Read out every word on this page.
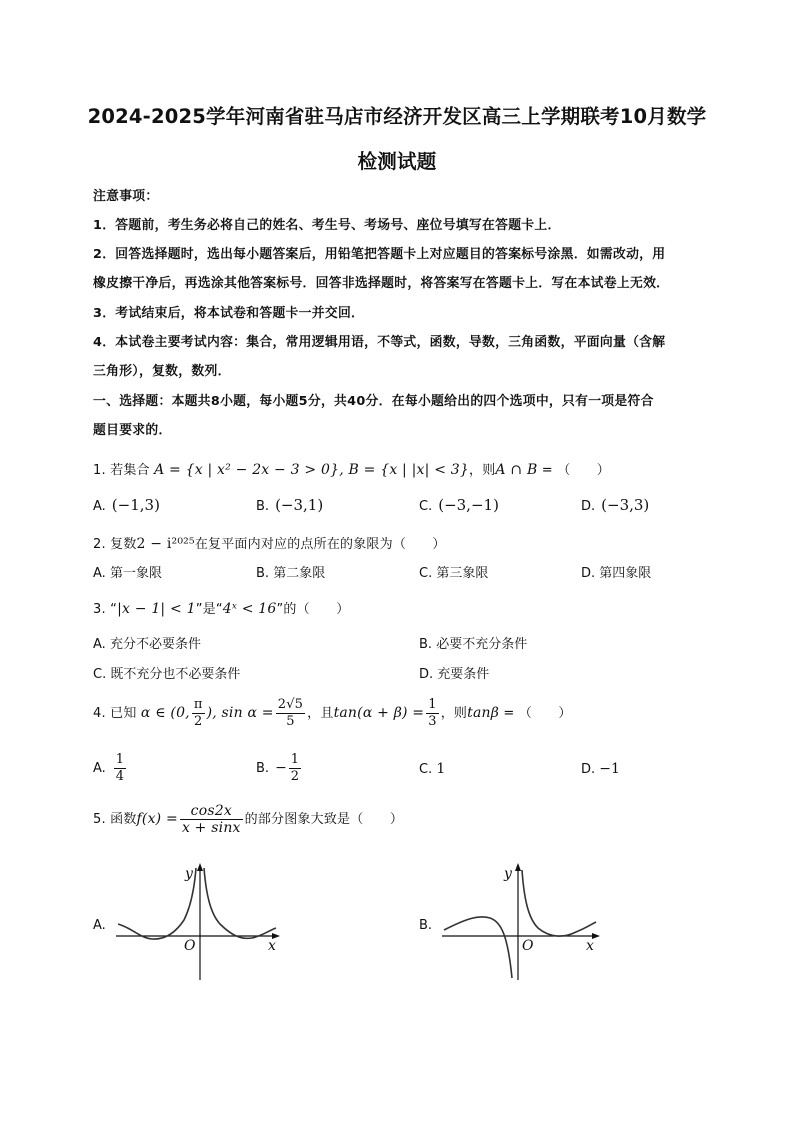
2024-2025学年河南省驻马店市经济开发区高三上学期联考10月数学
检测试题
注意事项：
1．答题前，考生务必将自己的姓名、考生号、考场号、座位号填写在答题卡上．
2．回答选择题时，选出每小题答案后，用铅笔把答题卡上对应题目的答案标号涂黑．如需改动，用
橡皮擦干净后，再选涂其他答案标号．回答非选择题时，将答案写在答题卡上．写在本试卷上无效．
3．考试结束后，将本试卷和答题卡一并交回．
4．本试卷主要考试内容：集合，常用逻辑用语，不等式，函数，导数，三角函数，平面向量（含解
三角形），复数，数列．
一、选择题：本题共8小题，每小题5分，共40分．在每小题给出的四个选项中，只有一项是符合
题目要求的．
1. 若集合 A = {x | x² − 2x − 3 > 0}, B = {x | |x| < 3}，则A ∩ B = （　　）
A. (−1,3)	B. (−3,1)	C. (−3,−1)	D. (−3,3)
2. 复数2 − i²⁰²⁵在复平面内对应的点所在的象限为（　　）
A. 第一象限	B. 第二象限	C. 第三象限	D. 第四象限
3. “|x − 1| < 1”是“4ˣ < 16”的（　　）
A. 充分不必要条件	B. 必要不充分条件
C. 既不充分也不必要条件	D. 充要条件
4. 已知 α ∈ (0, $\frac{\pi}{2}$ ), $\sin \alpha = \frac{2√5}{5}$ ，且$\tan(\alpha + \beta) = \frac{1}{3}$ ，则tanβ = （　　）
A. $\frac{1}{4}$	B. − $\frac{1}{2}$	C. 1	D. −1
5. 函数$f(x) = \frac{\cos 2x}{x + \sin x}$ 的部分图象大致是（　　）
A.
y
x
O
B.
y
x
O
